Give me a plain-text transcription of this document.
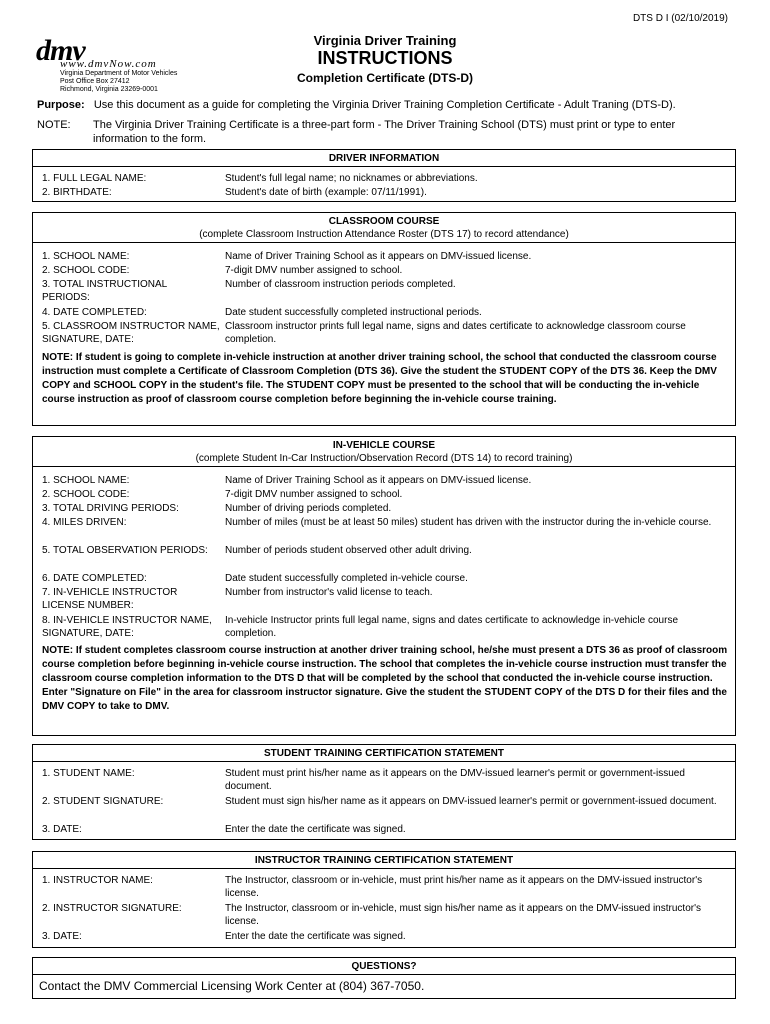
DTS D I (02/10/2019)
dmv
www.dmvNow.com
Virginia Department of Motor Vehicles
Post Office Box 27412
Richmond, Virginia 23269-0001
Virginia Driver Training
INSTRUCTIONS
Completion Certificate (DTS-D)
Purpose: Use this document as a guide for completing the Virginia Driver Training Completion Certificate - Adult Traning (DTS-D).
NOTE: The Virginia Driver Training Certificate is a three-part form - The Driver Training School (DTS) must print or type to enter information to the form.
DRIVER INFORMATION
1. FULL LEGAL NAME:	Student's full legal name; no nicknames or abbreviations.
2. BIRTHDATE:	Student's date of birth (example: 07/11/1991).
CLASSROOM COURSE
(complete Classroom Instruction Attendance Roster (DTS 17) to record attendance)
1. SCHOOL NAME:	Name of Driver Training School as it appears on DMV-issued license.
2. SCHOOL CODE:	7-digit DMV number assigned to school.
3. TOTAL INSTRUCTIONAL PERIODS:
Number of classroom instruction periods completed.
4. DATE COMPLETED:	Date student successfully completed instructional periods.
5. CLASSROOM INSTRUCTOR NAME, SIGNATURE, DATE:
Classroom instructor prints full legal name, signs and dates certificate to acknowledge classroom course completion.
NOTE: If student is going to complete in-vehicle instruction at another driver training school, the school that conducted the classroom course instruction must complete a Certificate of Classroom Completion (DTS 36). Give the student the STUDENT COPY of the DTS 36. Keep the DMV COPY and SCHOOL COPY in the student's file. The STUDENT COPY must be presented to the school that will be conducting the in-vehicle course instruction as proof of classroom course completion before beginning the in-vehicle course training.
IN-VEHICLE COURSE
(complete Student In-Car Instruction/Observation Record (DTS 14) to record training)
1. SCHOOL NAME:	Name of Driver Training School as it appears on DMV-issued license.
2. SCHOOL CODE:	7-digit DMV number assigned to school.
3. TOTAL DRIVING PERIODS:	Number of driving periods completed.
4. MILES DRIVEN:	Number of miles (must be at least 50 miles) student has driven with the instructor during the in-vehicle course.
5. TOTAL OBSERVATION PERIODS:	Number of periods student observed other adult driving.
6. DATE COMPLETED:	Date student successfully completed in-vehicle course.
7. IN-VEHICLE INSTRUCTOR LICENSE NUMBER:
Number from instructor's valid license to teach.
8. IN-VEHICLE INSTRUCTOR NAME, SIGNATURE, DATE:
In-vehicle Instructor prints full legal name, signs and dates certificate to acknowledge in-vehicle course completion.
NOTE: If student completes classroom course instruction at another driver training school, he/she must present a DTS 36 as proof of classroom course completion before beginning in-vehicle course instruction. The school that completes the in-vehicle course instruction must transfer the classroom course completion information to the DTS D that will be completed by the school that conducted the in-vehicle course instruction. Enter "Signature on File" in the area for classroom instructor signature. Give the student the STUDENT COPY of the DTS D for their files and the DMV COPY to take to DMV.
STUDENT TRAINING CERTIFICATION STATEMENT
1. STUDENT NAME:	Student must print his/her name as it appears on the DMV-issued learner's permit or government-issued document.
2. STUDENT SIGNATURE:	Student must sign his/her name as it appears on DMV-issued learner's permit or government-issued document.
3. DATE:	Enter the date the certificate was signed.
INSTRUCTOR TRAINING CERTIFICATION STATEMENT
1. INSTRUCTOR NAME:	The Instructor, classroom or in-vehicle, must print his/her name as it appears on the DMV-issued instructor's license.
2. INSTRUCTOR SIGNATURE:	The Instructor, classroom or in-vehicle, must sign his/her name as it appears on the DMV-issued instructor's license.
3. DATE:	Enter the date the certificate was signed.
QUESTIONS?
Contact the DMV Commercial Licensing Work Center at (804) 367-7050.
